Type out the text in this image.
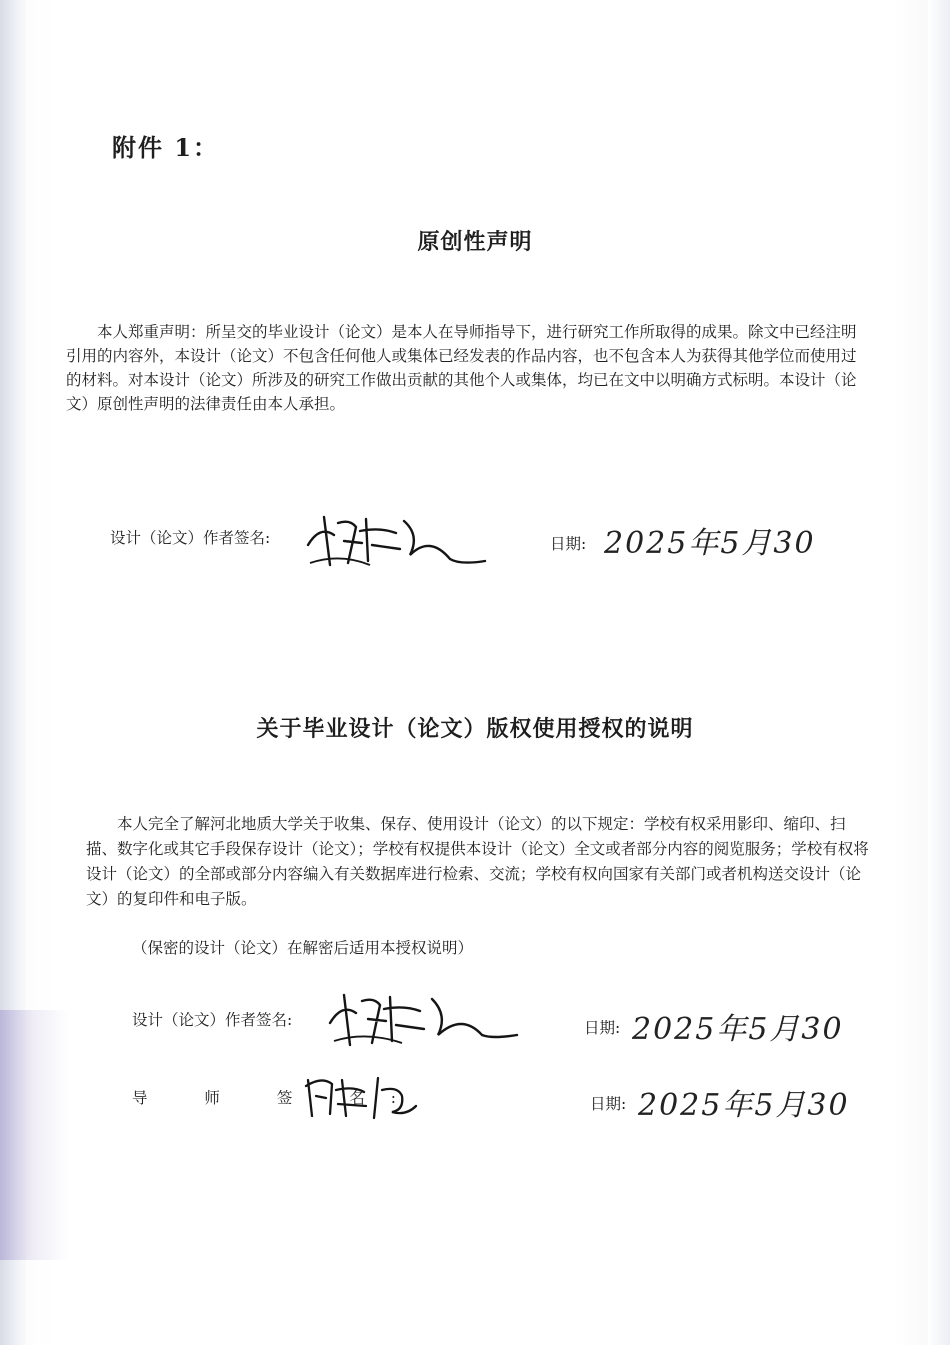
附件 1：
原创性声明
本人郑重声明：所呈交的毕业设计（论文）是本人在导师指导下，进行研究工作所取得的成果。除文中已经注明引用的内容外，本设计（论文）不包含任何他人或集体已经发表的作品内容，也不包含本人为获得其他学位而使用过的材料。对本设计（论文）所涉及的研究工作做出贡献的其他个人或集体，均已在文中以明确方式标明。本设计（论文）原创性声明的法律责任由本人承担。
设计（论文）作者签名:	日期: 2025年5月30
关于毕业设计（论文）版权使用授权的说明
本人完全了解河北地质大学关于收集、保存、使用设计（论文）的以下规定：学校有权采用影印、缩印、扫描、数字化或其它手段保存设计（论文）；学校有权提供本设计（论文）全文或者部分内容的阅览服务；学校有权将设计（论文）的全部或部分内容编入有关数据库进行检索、交流；学校有权向国家有关部门或者机构送交设计（论文）的复印件和电子版。
（保密的设计（论文）在解密后适用本授权说明）
设计（论文）作者签名:	日期: 2025年5月30
导 师 签 名:	日期: 2025年5月30
